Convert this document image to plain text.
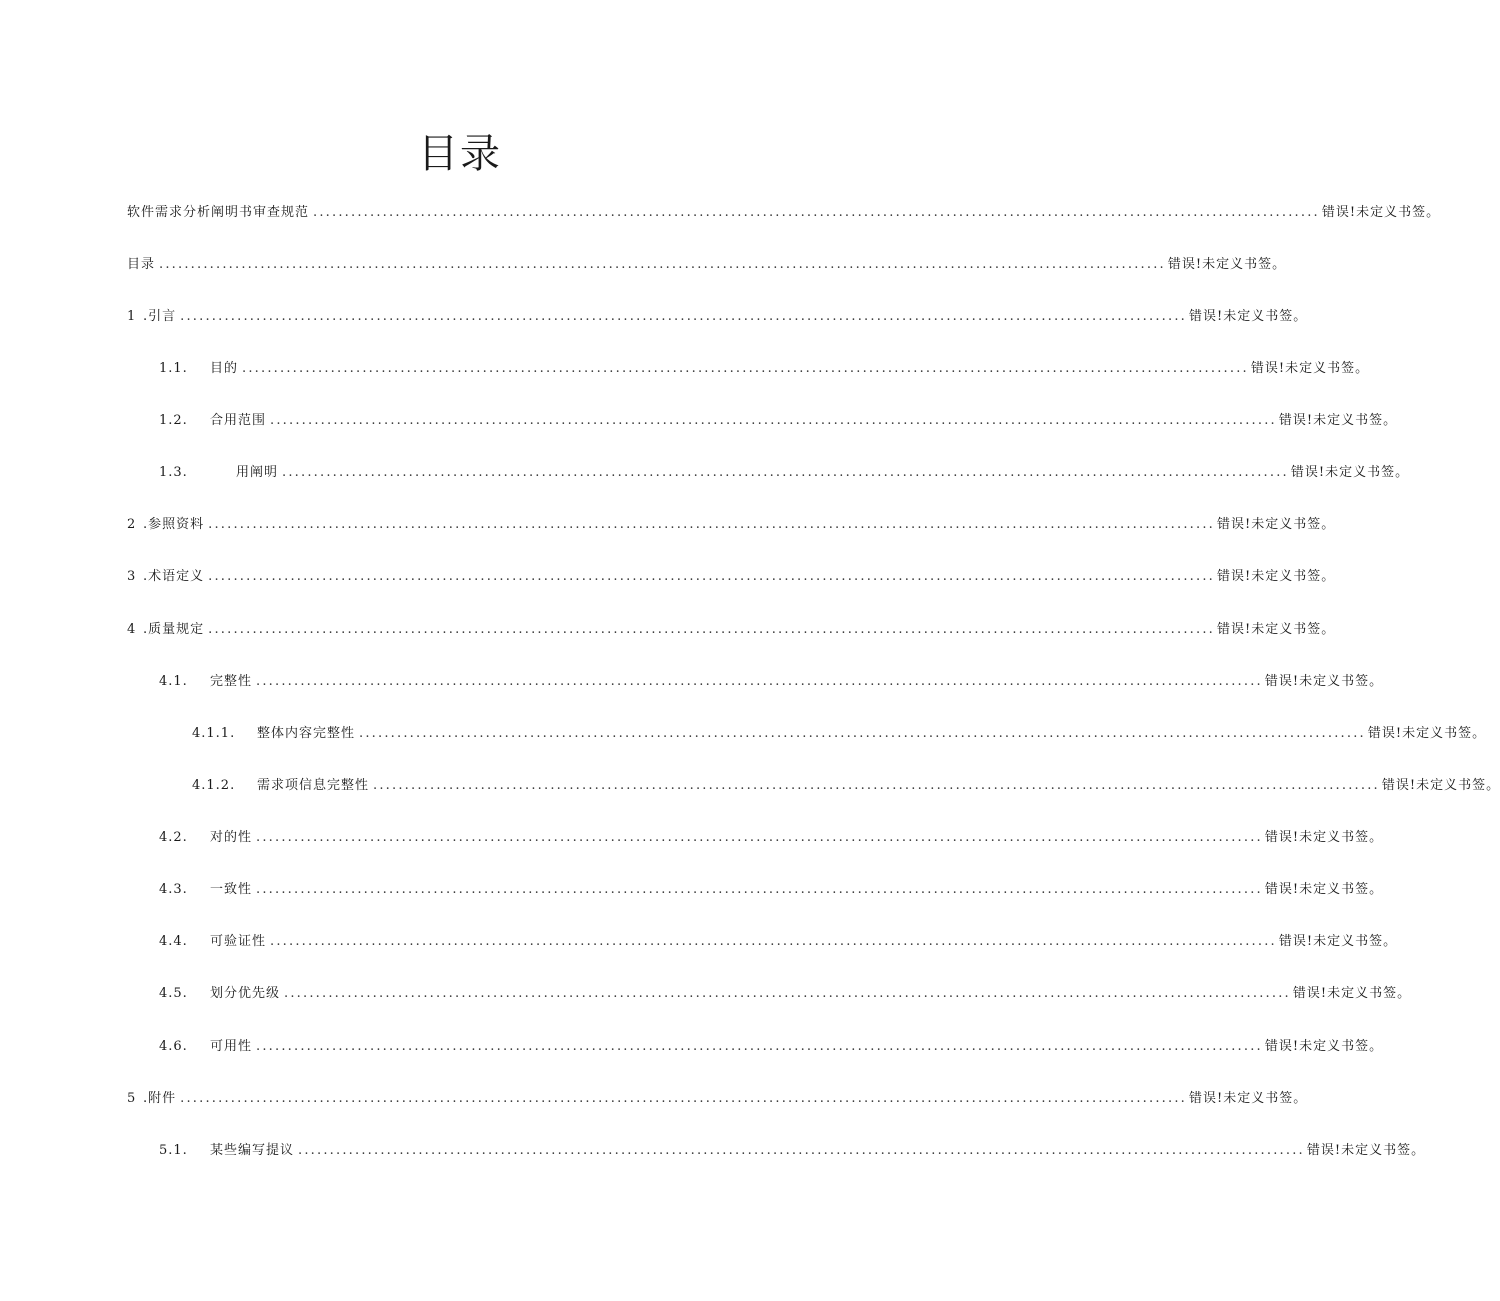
目录
软件需求分析阐明书审查规范 ............................................................................................................................................................... 错误!未定义书签。
目录 ............................................................................................................................................................... 错误!未定义书签。
1 .引言 ............................................................................................................................................................... 错误!未定义书签。
1.1.	目的 ............................................................................................................................................................... 错误!未定义书签。
1.2.	合用范围 ............................................................................................................................................................... 错误!未定义书签。
1.3.	用阐明 ............................................................................................................................................................... 错误!未定义书签。
2 .参照资料 ............................................................................................................................................................... 错误!未定义书签。
3 .术语定义 ............................................................................................................................................................... 错误!未定义书签。
4 .质量规定 ............................................................................................................................................................... 错误!未定义书签。
4.1.	完整性 ............................................................................................................................................................... 错误!未定义书签。
4.1.1.	整体内容完整性 ............................................................................................................................................................... 错误!未定义书签。
4.1.2.	需求项信息完整性 ............................................................................................................................................................... 错误!未定义书签。
4.2.	对的性 ............................................................................................................................................................... 错误!未定义书签。
4.3.	一致性 ............................................................................................................................................................... 错误!未定义书签。
4.4.	可验证性 ............................................................................................................................................................... 错误!未定义书签。
4.5.	划分优先级 ............................................................................................................................................................... 错误!未定义书签。
4.6.	可用性 ............................................................................................................................................................... 错误!未定义书签。
5 .附件 ............................................................................................................................................................... 错误!未定义书签。
5.1.	某些编写提议 ............................................................................................................................................................... 错误!未定义书签。
